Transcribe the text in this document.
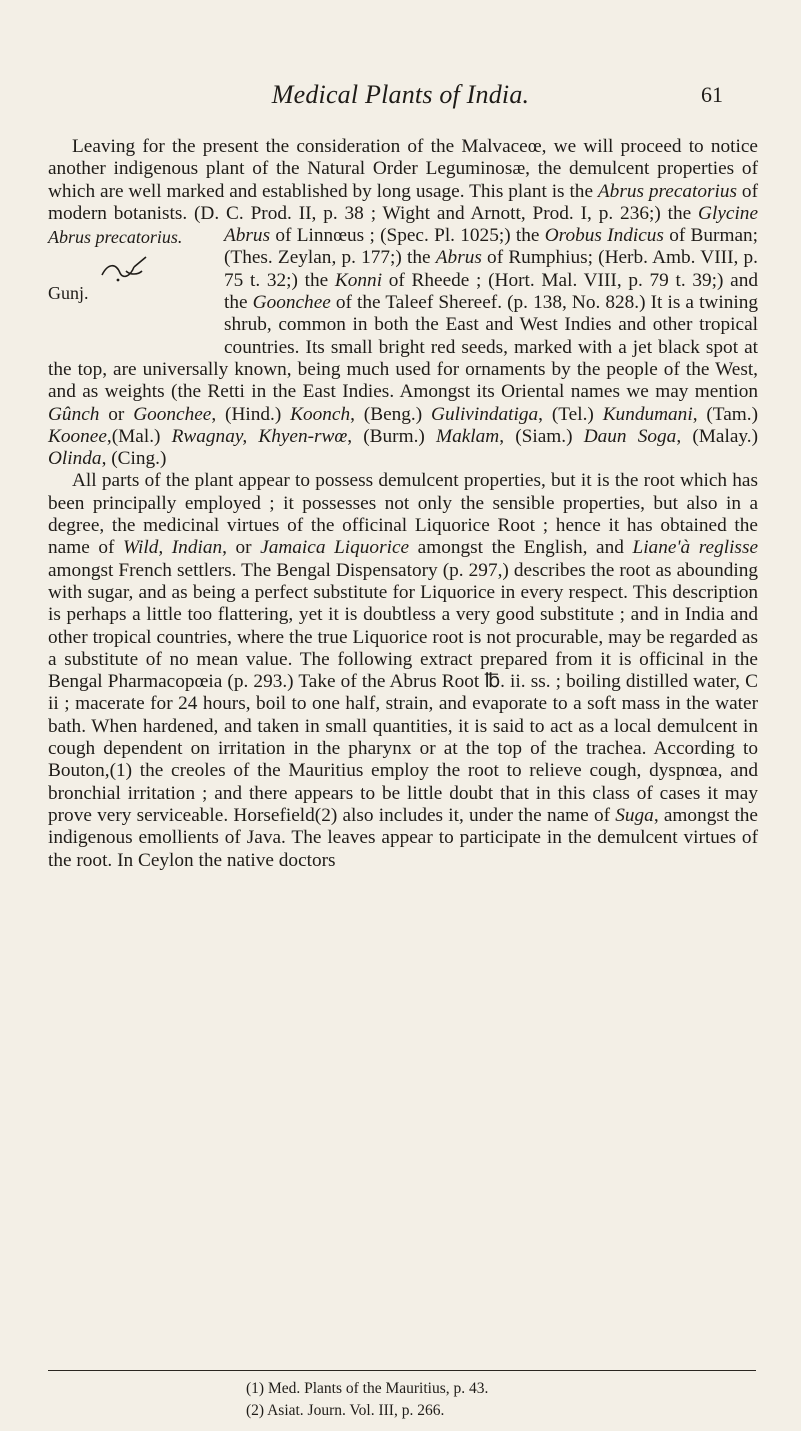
Medical Plants of India.	61

Leaving for the present the consideration of the Malvaceœ, we will proceed to notice another indigenous plant of the Natural Order Leguminosæ, the demulcent properties of which are well marked and established by long usage. This plant is the Abrus precatorius of modern botanists. (D. C. Prod. II, p. 38 ; Wight and Arnott, Prod. I, p. 236;) the
Abrus precatorius.
Gunj.
Glycine Abrus of Linnœus ; (Spec. Pl. 1025;) the Orobus Indicus of Burman; (Thes. Zeylan, p. 177;) the Abrus of Rumphius; (Herb. Amb. VIII, p. 75 t. 32;) the Konni of Rheede ; (Hort. Mal. VIII, p. 79 t. 39;) and the Goonchee of the Taleef Shereef. (p. 138, No. 828.) It is a twining shrub, common in both the East and West Indies and other tropical countries. Its small bright red seeds, marked with a jet black spot at the top, are universally known, being much used for ornaments by the people of the West, and as weights (the Retti in the East Indies. Amongst its Oriental names we may mention Gûnch or Goonchee, (Hind.) Koonch, (Beng.) Gulivindatiga, (Tel.) Kundumani, (Tam.) Koonee,(Mal.) Rwagnay, Khyen-rwœ, (Burm.) Maklam, (Siam.) Daun Soga, (Malay.) Olinda, (Cing.)

All parts of the plant appear to possess demulcent properties, but it is the root which has been principally employed ; it possesses not only the sensible properties, but also in a degree, the medicinal virtues of the officinal Liquorice Root ; hence it has obtained the name of Wild, Indian, or Jamaica Liquorice amongst the English, and Liane'à reglisse amongst French settlers. The Bengal Dispensatory (p. 297,) describes the root as abounding with sugar, and as being a perfect substitute for Liquorice in every respect. This description is perhaps a little too flattering, yet it is doubtless a very good substitute ; and in India and other tropical countries, where the true Liquorice root is not procurable, may be regarded as a substitute of no mean value. The following extract prepared from it is officinal in the Bengal Pharmacopœia (p. 293.) Take of the Abrus Root ℔. ii. ss. ; boiling distilled water, C ii ; macerate for 24 hours, boil to one half, strain, and evaporate to a soft mass in the water bath. When hardened, and taken in small quantities, it is said to act as a local demulcent in cough dependent on irritation in the pharynx or at the top of the trachea. According to Bouton,(1) the creoles of the Mauritius employ the root to relieve cough, dyspnœa, and bronchial irritation ; and there appears to be little doubt that in this class of cases it may prove very serviceable. Horsefield(2) also includes it, under the name of Suga, amongst the indigenous emollients of Java. The leaves appear to participate in the demulcent virtues of the root. In Ceylon the native doctors

(1) Med. Plants of the Mauritius, p. 43.
(2) Asiat. Journ. Vol. III, p. 266.
